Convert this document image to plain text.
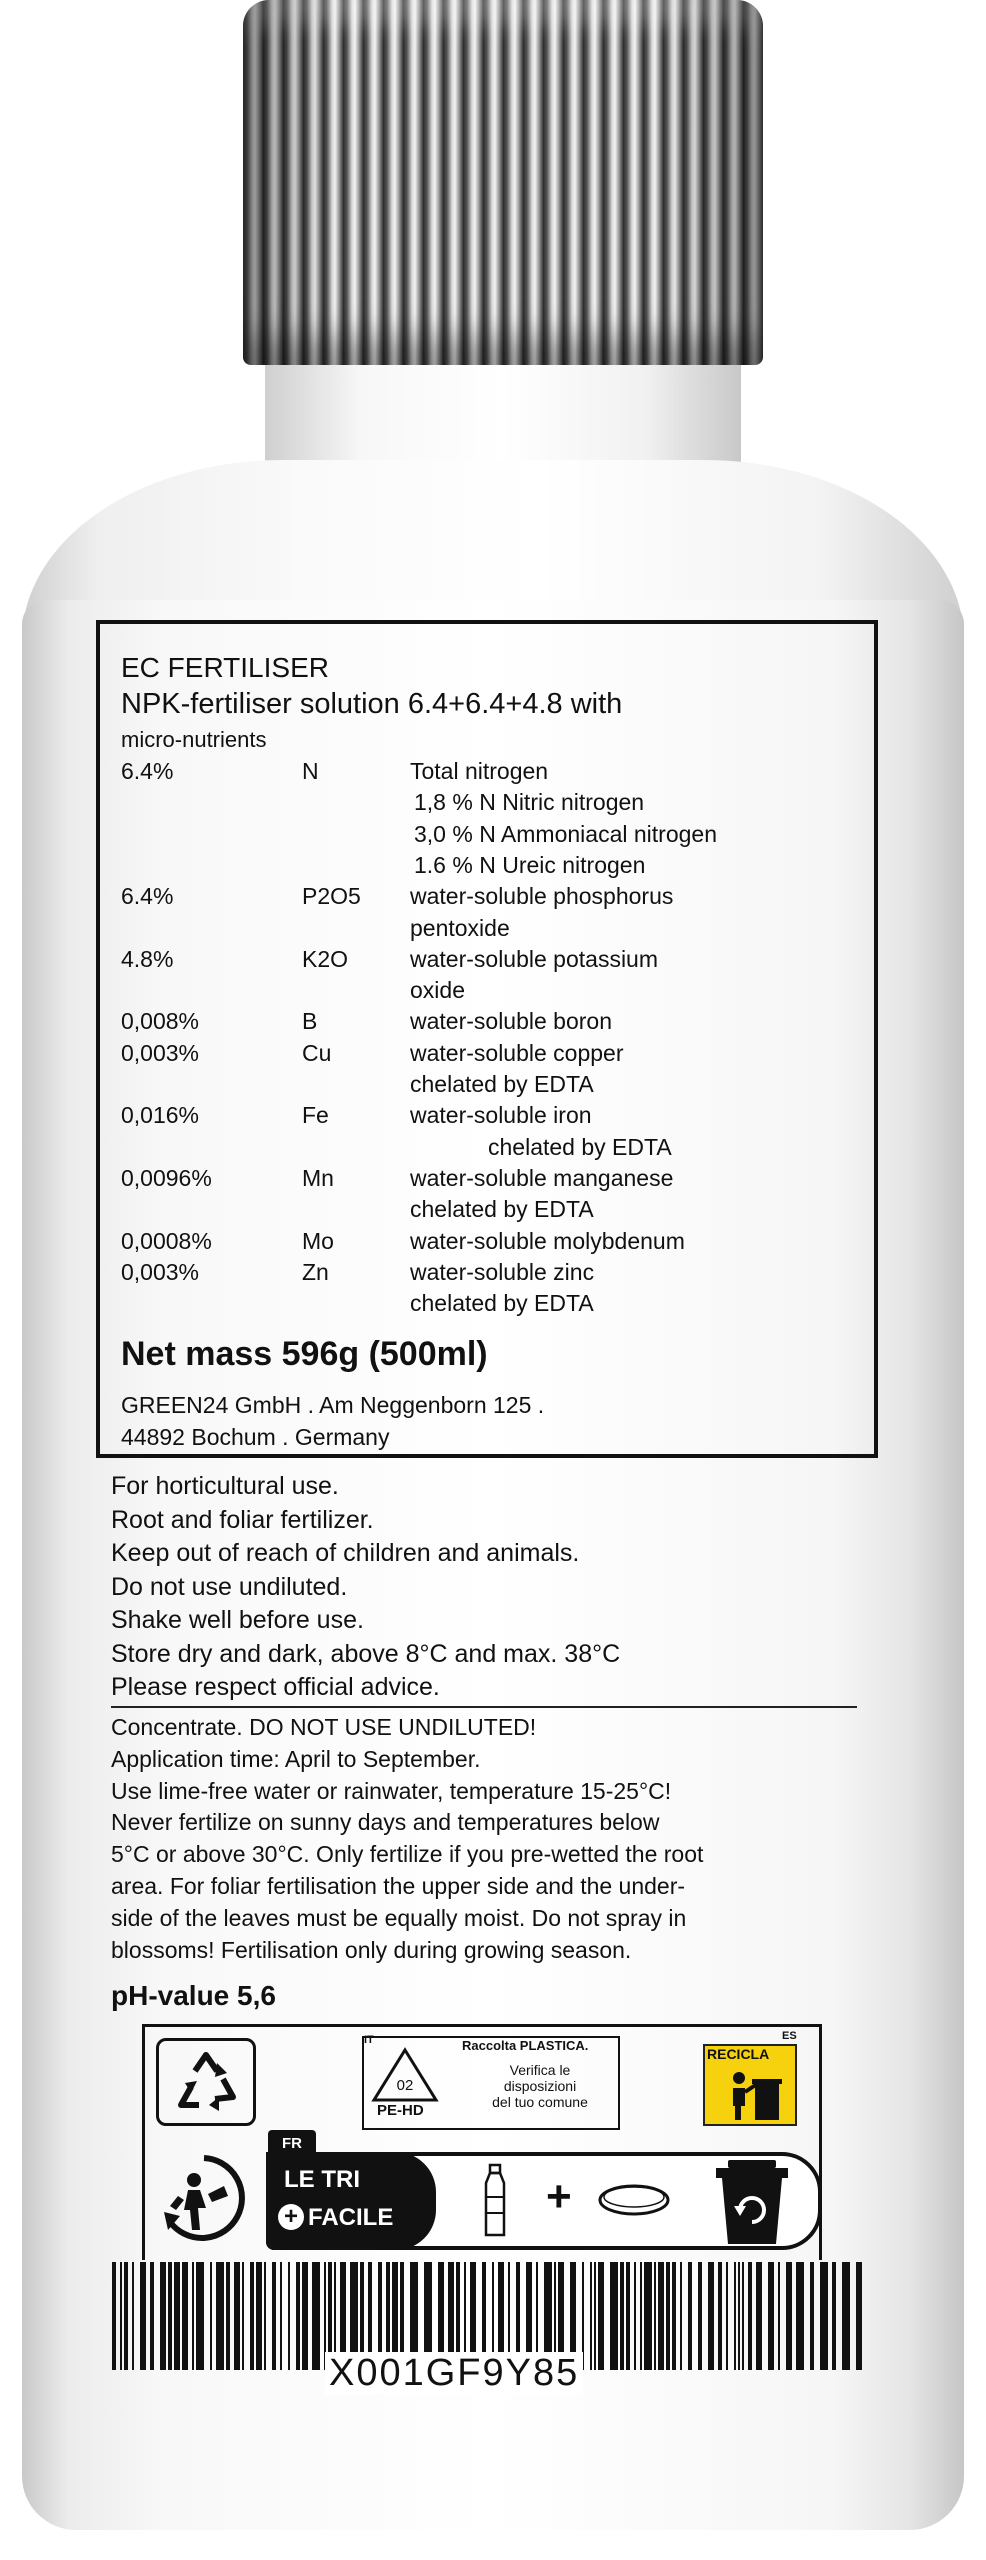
EC FERTILISER
NPK-fertiliser solution 6.4+6.4+4.8 with
micro-nutrients
6.4%	N	Total nitrogen
1,8 % N Nitric nitrogen
3,0 % N Ammoniacal nitrogen
1.6 % N Ureic nitrogen
6.4%	P2O5 water-soluble phosphorus
pentoxide
4.8%	K2O	water-soluble potassium
oxide
0,008%	B	water-soluble boron
0,003%	Cu	water-soluble copper
chelated by EDTA
0,016%	Fe	water-soluble iron
chelated by EDTA
0,0096%	Mn	water-soluble manganese
chelated by EDTA
0,0008%	Mo	water-soluble molybdenum
0,003%	Zn	water-soluble zinc
chelated by EDTA
Net mass 596g (500ml)
GREEN24 GmbH . Am Neggenborn 125 .
44892 Bochum . Germany
For horticultural use.
Root and foliar fertilizer.
Keep out of reach of children and animals.
Do not use undiluted.
Shake well before use.
Store dry and dark, above 8°C and max. 38°C
Please respect official advice.
Concentrate. DO NOT USE UNDILUTED!
Application time: April to September.
Use lime-free water or rainwater, temperature 15-25°C!
Never fertilize on sunny days and temperatures below
5°C or above 30°C. Only fertilize if you pre-wetted the root
area. For foliar fertilisation the upper side and the under-
side of the leaves must be equally moist. Do not spray in
blossoms! Fertilisation only during growing season.
pH-value 5,6
IT	Raccolta PLASTICA.
02
PE-HD
Verifica le
disposizioni
del tuo comune
ES
RECICLA
FR
LE TRI
+ FACILE	+
X001GF9Y85
